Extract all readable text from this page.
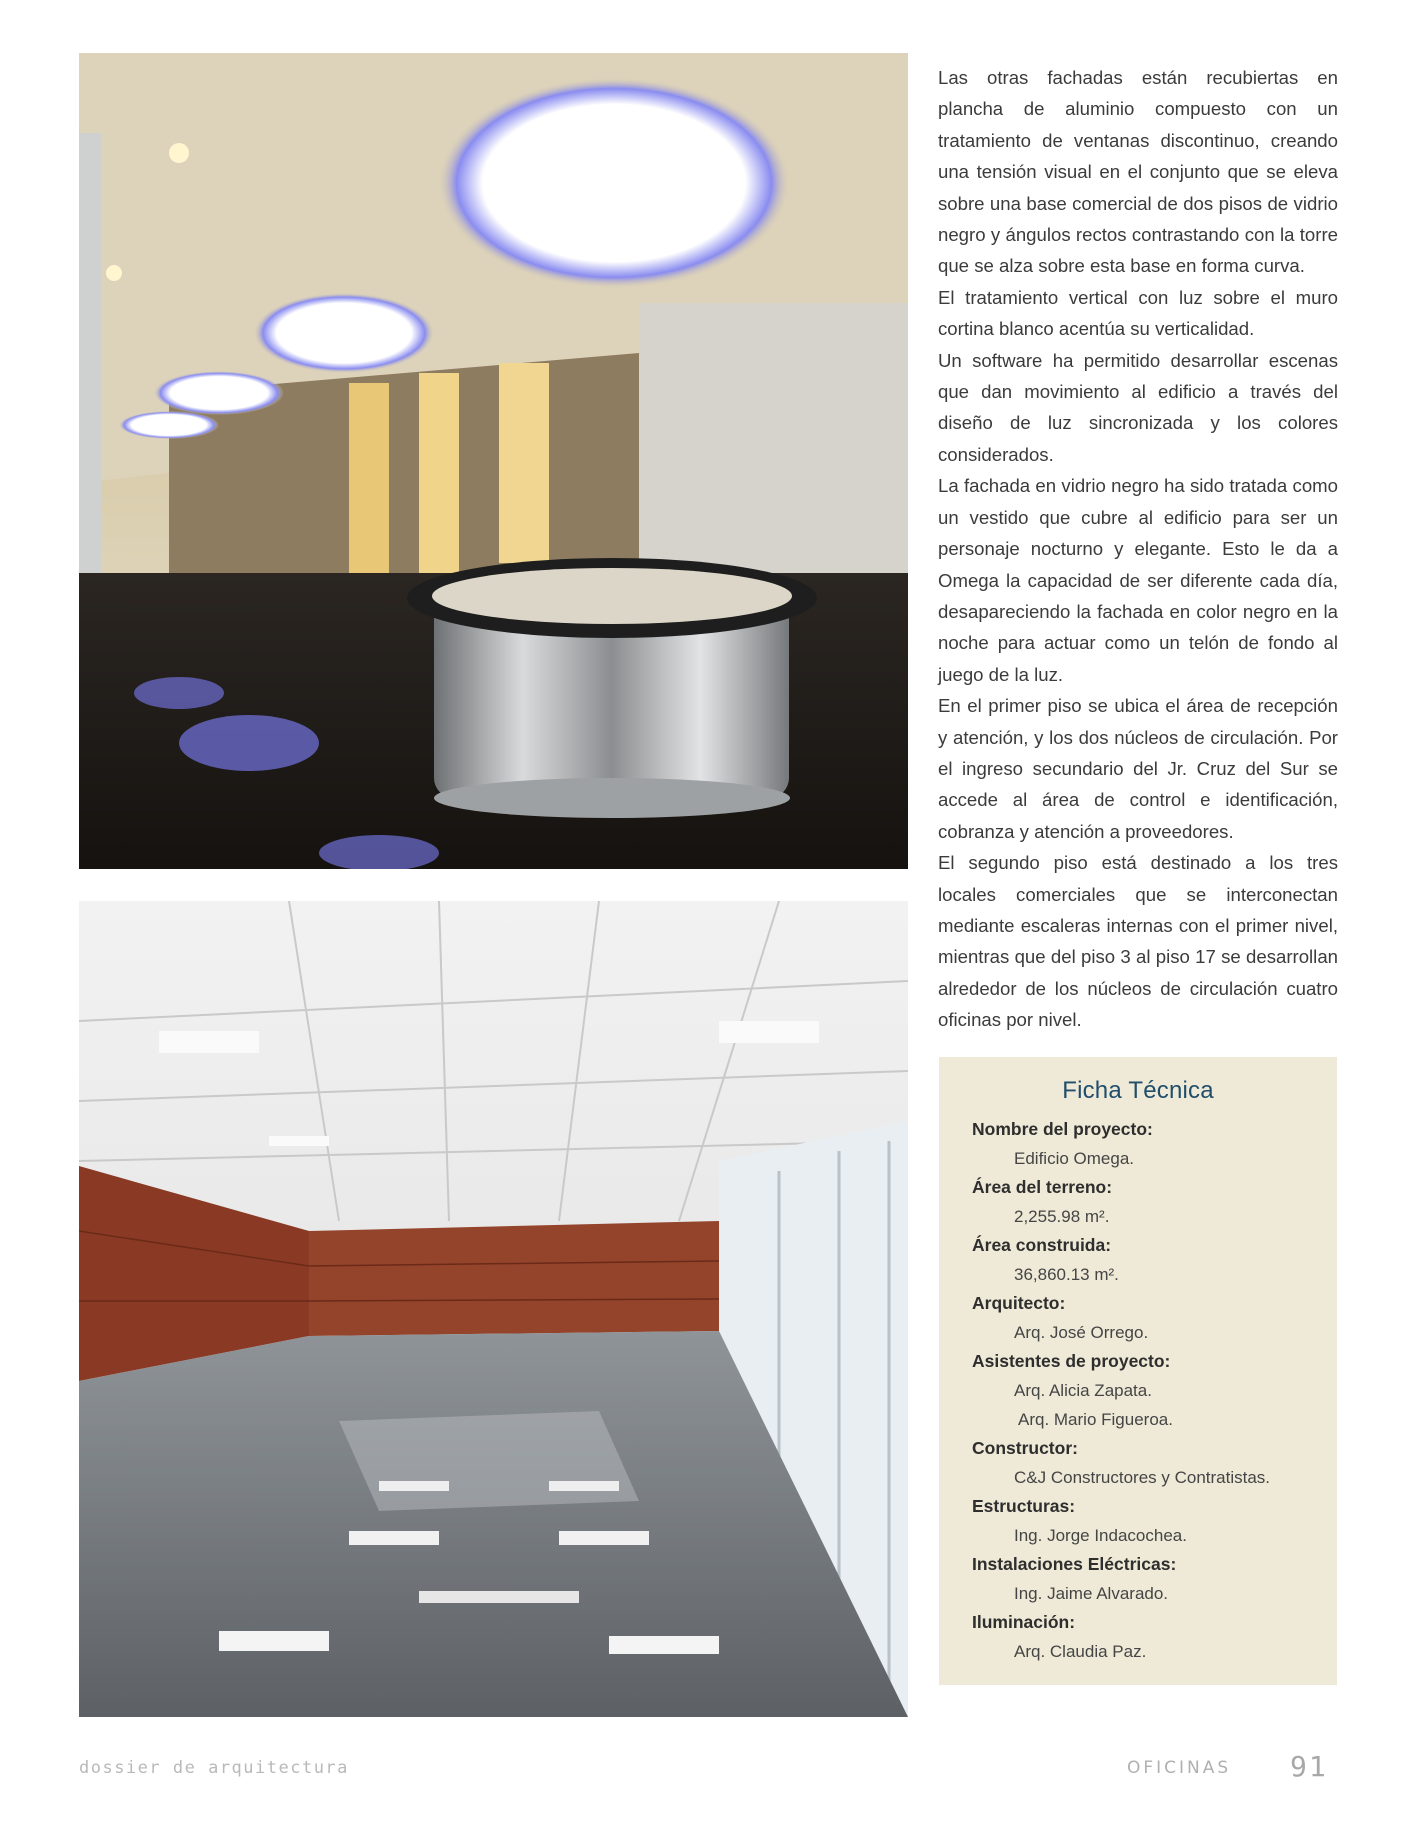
Las otras fachadas están recubiertas en plancha de aluminio compuesto con un tratamiento de ventanas discontinuo, creando una tensión visual en el conjunto que se eleva sobre una base comercial de dos pisos de vidrio negro y ángulos rectos contrastando con la torre que se alza sobre esta base en forma curva.

El tratamiento vertical con luz sobre el muro cortina blanco acentúa su verticalidad.

Un software ha permitido desarrollar escenas que dan movimiento al edificio a través del diseño de luz sincronizada y los colores considerados.

La fachada en vidrio negro ha sido tratada como un vestido que cubre al edificio para ser un personaje nocturno y elegante. Esto le da a Omega la capacidad de ser diferente cada día, desapareciendo la fachada en color negro en la noche para actuar como un telón de fondo al juego de la luz.

En el primer piso se ubica el área de recepción y atención, y los dos núcleos de circulación. Por el ingreso secundario del Jr. Cruz del Sur se accede al área de control e identificación, cobranza y atención a proveedores.

El segundo piso está destinado a los tres locales comerciales que se interconectan mediante escaleras internas con el primer nivel, mientras que del piso 3 al piso 17 se desarrollan alrededor de los núcleos de circulación cuatro oficinas por nivel.

Ficha Técnica
Nombre del proyecto:
Edificio Omega.
Área del terreno:
2,255.98 m².
Área construida:
36,860.13 m².
Arquitecto:
Arq. José Orrego.
Asistentes de proyecto:
Arq. Alicia Zapata.
Arq. Mario Figueroa.
Constructor:
C&J Constructores y Contratistas.
Estructuras:
Ing. Jorge Indacochea.
Instalaciones Eléctricas:
Ing. Jaime Alvarado.
Iluminación:
Arq. Claudia Paz.
dossier de arquitectura	OFICINAS 91
